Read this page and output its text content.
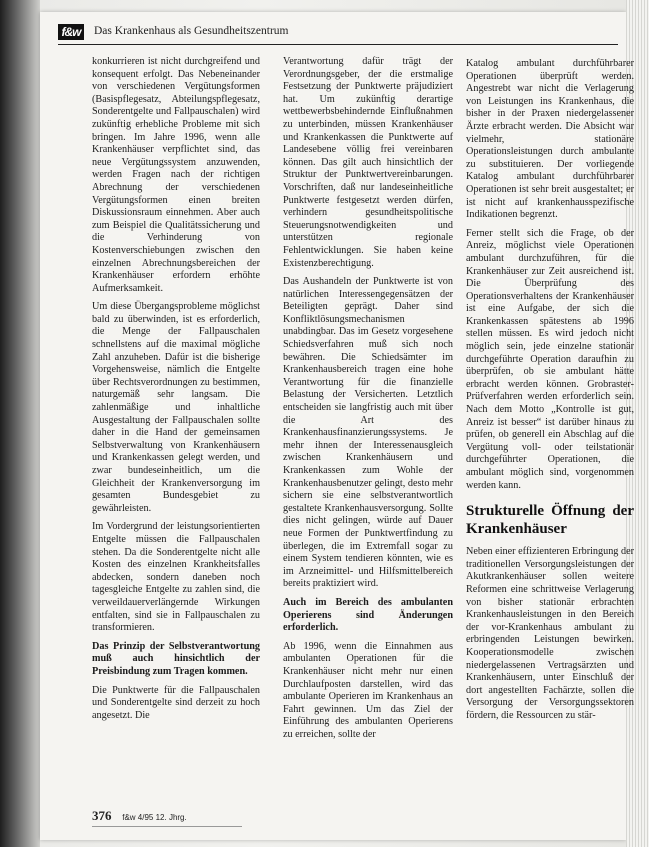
f&w	Das Krankenhaus als Gesundheitszentrum

konkurrieren ist nicht durchgreifend und konsequent erfolgt. Das Nebeneinander von verschiedenen Vergütungsformen (Basispflegesatz, Abteilungspflegesatz, Sonderentgelte und Fallpauschalen) wird zukünftig erhebliche Probleme mit sich bringen. Im Jahre 1996, wenn alle Krankenhäuser verpflichtet sind, das neue Vergütungssystem anzuwenden, werden Fragen nach der richtigen Abrechnung der verschiedenen Vergütungsformen einen breiten Diskussionsraum einnehmen. Aber auch zum Beispiel die Qualitätssicherung und die Verhinderung von Kostenverschiebungen zwischen den einzelnen Abrechnungsbereichen der Krankenhäuser erfordern erhöhte Aufmerksamkeit.

Um diese Übergangsprobleme möglichst bald zu überwinden, ist es erforderlich, die Menge der Fallpauschalen schnellstens auf die maximal mögliche Zahl anzuheben. Dafür ist die bisherige Vorgehensweise, nämlich die Entgelte über Rechtsverordnungen zu bestimmen, naturgemäß sehr langsam. Die zahlenmäßige und inhaltliche Ausgestaltung der Fallpauschalen sollte daher in die Hand der gemeinsamen Selbstverwaltung von Krankenhäusern und Krankenkassen gelegt werden, und zwar bundeseinheitlich, um die Gleichheit der Krankenversorgung im gesamten Bundesgebiet zu gewährleisten.

Im Vordergrund der leistungsorientierten Entgelte müssen die Fallpauschalen stehen. Da die Sonderentgelte nicht alle Kosten des einzelnen Krankheitsfalles abdecken, sondern daneben noch tagesgleiche Entgelte zu zahlen sind, die verweildauerverlängernde Wirkungen entfalten, sind sie in Fallpauschalen zu transformieren.

Das Prinzip der Selbstverantwortung muß auch hinsichtlich der Preisbindung zum Tragen kommen.

Die Punktwerte für die Fallpauschalen und Sonderentgelte sind derzeit zu hoch angesetzt. Die

Verantwortung dafür trägt der Verordnungsgeber, der die erstmalige Festsetzung der Punktwerte präjudiziert hat. Um zukünftig derartige wettbewerbsbehindernde Einflußnahmen zu unterbinden, müssen Krankenhäuser und Krankenkassen die Punktwerte auf Landesebene völlig frei vereinbaren können. Das gilt auch hinsichtlich der Struktur der Punktwertvereinbarungen. Vorschriften, daß nur landeseinheitliche Punktwerte festgesetzt werden dürfen, verhindern gesundheitspolitische Steuerungsnotwendigkeiten und unterstützen regionale Fehlentwicklungen. Sie haben keine Existenzberechtigung.

Das Aushandeln der Punktwerte ist von natürlichen Interessengegensätzen der Beteiligten geprägt. Daher sind Konfliktlösungsmechanismen unabdingbar. Das im Gesetz vorgesehene Schiedsverfahren muß sich noch bewähren. Die Schiedsämter im Krankenhausbereich tragen eine hohe Verantwortung für die finanzielle Belastung der Versicherten. Letztlich entscheiden sie langfristig auch mit über die Art des Krankenhausfinanzierungssystems. Je mehr ihnen der Interessenausgleich zwischen Krankenhäusern und Krankenkassen zum Wohle der Krankenhausbenutzer gelingt, desto mehr sichern sie eine selbstverantwortlich gestaltete Krankenhausversorgung. Sollte dies nicht gelingen, würde auf Dauer neue Formen der Punktwertfindung zu überlegen, die im Extremfall sogar zu einem System tendieren könnten, wie es im Arzneimittel- und Hilfsmittelbereich bereits praktiziert wird.

Auch im Bereich des ambulanten Operierens sind Änderungen erforderlich.

Ab 1996, wenn die Einnahmen aus ambulanten Operationen für die Krankenhäuser nicht mehr nur einen Durchlaufposten darstellen, wird das ambulante Operieren im Krankenhaus an Fahrt gewinnen. Um das Ziel der Einführung des ambulanten Operierens zu erreichen, sollte der

Katalog ambulant durchführbarer Operationen überprüft werden. Angestrebt war nicht die Verlagerung von Leistungen ins Krankenhaus, die bisher in der Praxen niedergelassener Ärzte erbracht werden. Die Absicht war vielmehr, stationäre Operationsleistungen durch ambulante zu substituieren. Der vorliegende Katalog ambulant durchführbarer Operationen ist sehr breit ausgestaltet; er ist nicht auf krankenhausspezifische Indikationen begrenzt.

Ferner stellt sich die Frage, ob der Anreiz, möglichst viele Operationen ambulant durchzuführen, für die Krankenhäuser zur Zeit ausreichend ist. Die Überprüfung des Operationsverhaltens der Krankenhäuser ist eine Aufgabe, der sich die Krankenkassen spätestens ab 1996 stellen müssen. Es wird jedoch nicht möglich sein, jede einzelne stationär durchgeführte Operation daraufhin zu überprüfen, ob sie ambulant hätte erbracht werden können. Grobraster-Prüfverfahren werden erforderlich sein. Nach dem Motto „Kontrolle ist gut, Anreiz ist besser“ ist darüber hinaus zu prüfen, ob generell ein Abschlag auf die Vergütung voll- oder teilstationär durchgeführter Operationen, die ambulant möglich sind, vorgenommen werden kann.

Strukturelle Öffnung der Krankenhäuser

Neben einer effizienteren Erbringung der traditionellen Versorgungsleistungen der Akutkrankenhäuser sollen weitere Reformen eine schrittweise Verlagerung von bisher stationär erbrachten Krankenhausleistungen in den Bereich der vor-Krankenhaus ambulant zu erbringenden Leistungen bewirken. Kooperationsmodelle zwischen niedergelassenen Vertragsärzten und Krankenhäusern, unter Einschluß der dort angestellten Fachärzte, sollen die Versorgung der Versorgungssektoren fördern, die Ressourcen zu stär-

376 f&w 4/95 12. Jhrg.
